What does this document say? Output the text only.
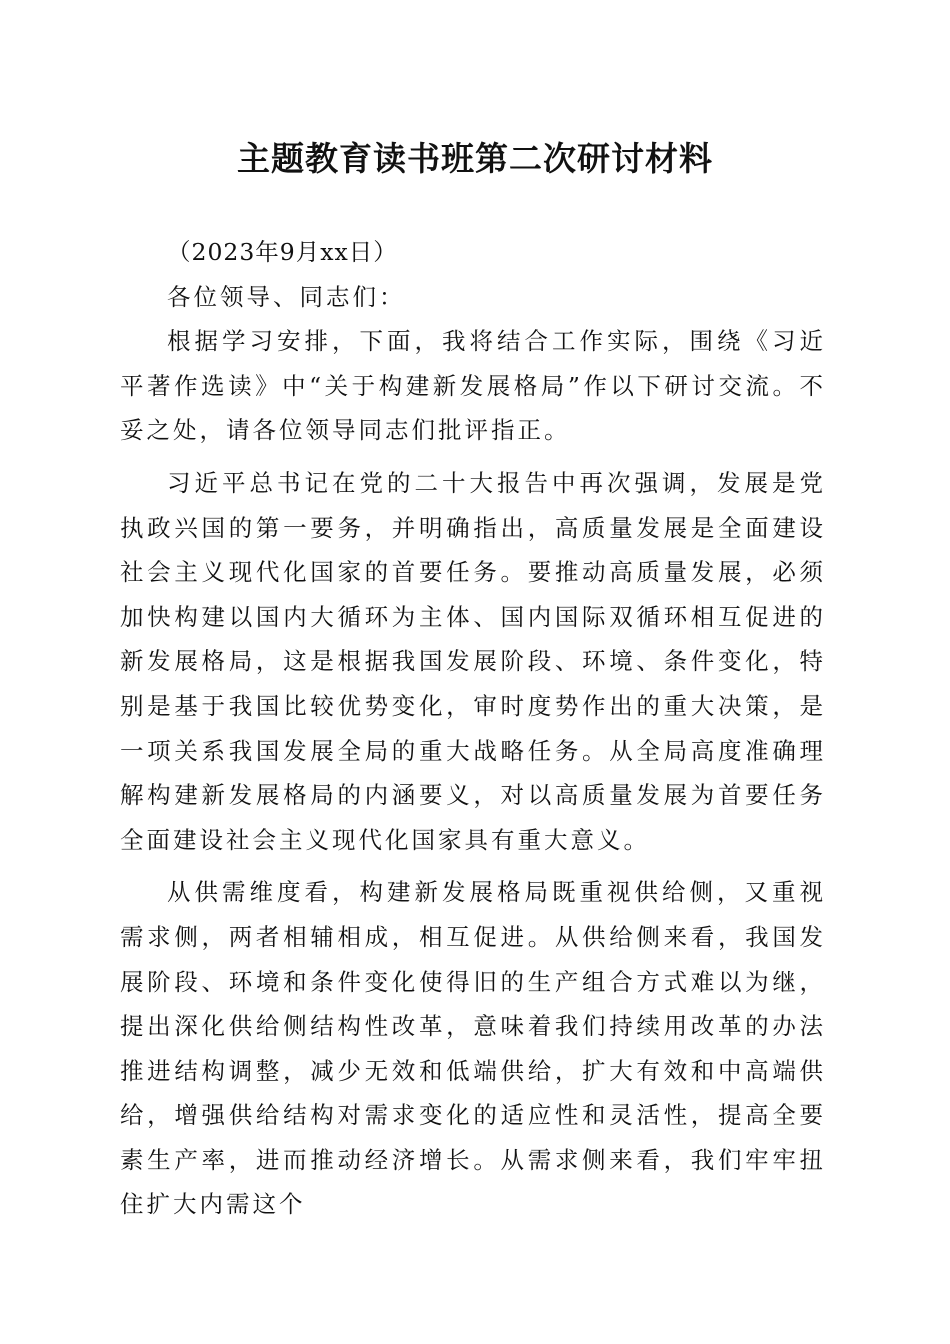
主题教育读书班第二次研讨材料

（2023年9月xx日）

各位领导、同志们：

根据学习安排，下面，我将结合工作实际，围绕《习近平著作选读》中“关于构建新发展格局”作以下研讨交流。不妥之处，请各位领导同志们批评指正。

习近平总书记在党的二十大报告中再次强调，发展是党执政兴国的第一要务，并明确指出，高质量发展是全面建设社会主义现代化国家的首要任务。要推动高质量发展，必须加快构建以国内大循环为主体、国内国际双循环相互促进的新发展格局，这是根据我国发展阶段、环境、条件变化，特别是基于我国比较优势变化，审时度势作出的重大决策，是一项关系我国发展全局的重大战略任务。从全局高度准确理解构建新发展格局的内涵要义，对以高质量发展为首要任务全面建设社会主义现代化国家具有重大意义。

从供需维度看，构建新发展格局既重视供给侧，又重视需求侧，两者相辅相成，相互促进。从供给侧来看，我国发展阶段、环境和条件变化使得旧的生产组合方式难以为继，提出深化供给侧结构性改革，意味着我们持续用改革的办法推进结构调整，减少无效和低端供给，扩大有效和中高端供给，增强供给结构对需求变化的适应性和灵活性，提高全要素生产率，进而推动经济增长。从需求侧来看，我们牢牢扭住扩大内需这个
